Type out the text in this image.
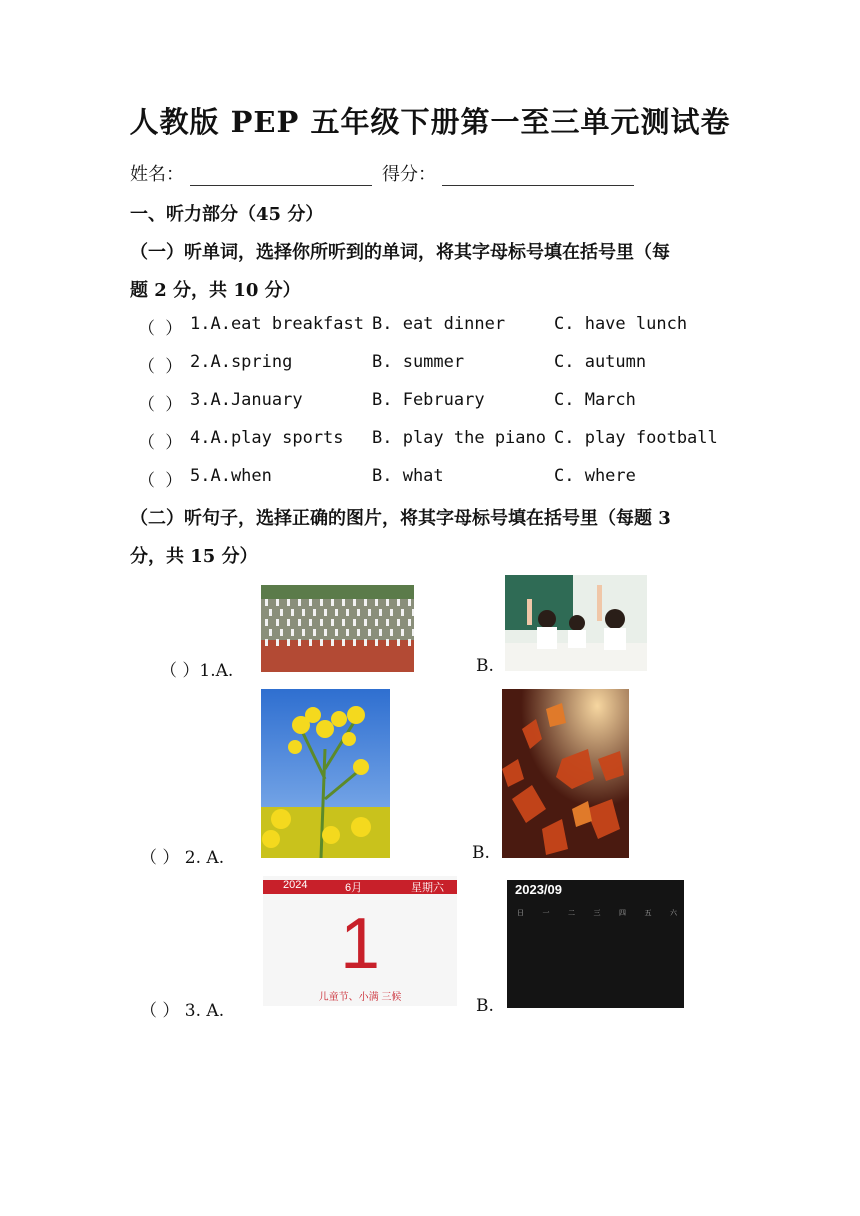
人教版 PEP 五年级下册第一至三单元测试卷
姓名：	得分：
一、听力部分（45 分）
（一）听单词，选择你所听到的单词，将其字母标号填在括号里（每
题 2 分，共 10 分）
（ ） 1.A.eat breakfast B. eat dinner	C. have lunch
（ ） 2.A.spring	B. summer	C. autumn
（ ） 3.A.January	B. February	C. March
（ ） 4.A.play sports B. play the piano C. play football
（ ） 5.A.when	B. what	C. where
（二）听句子，选择正确的图片，将其字母标号填在括号里（每题 3
分，共 15 分）
（ ）1.A.	B.
（ ） 2. A.	B.
（ ） 3. A.
2024	6月	星期六
1
儿童节、小满 三候	B.
2023/09
日	一	二	三	四	五	六
